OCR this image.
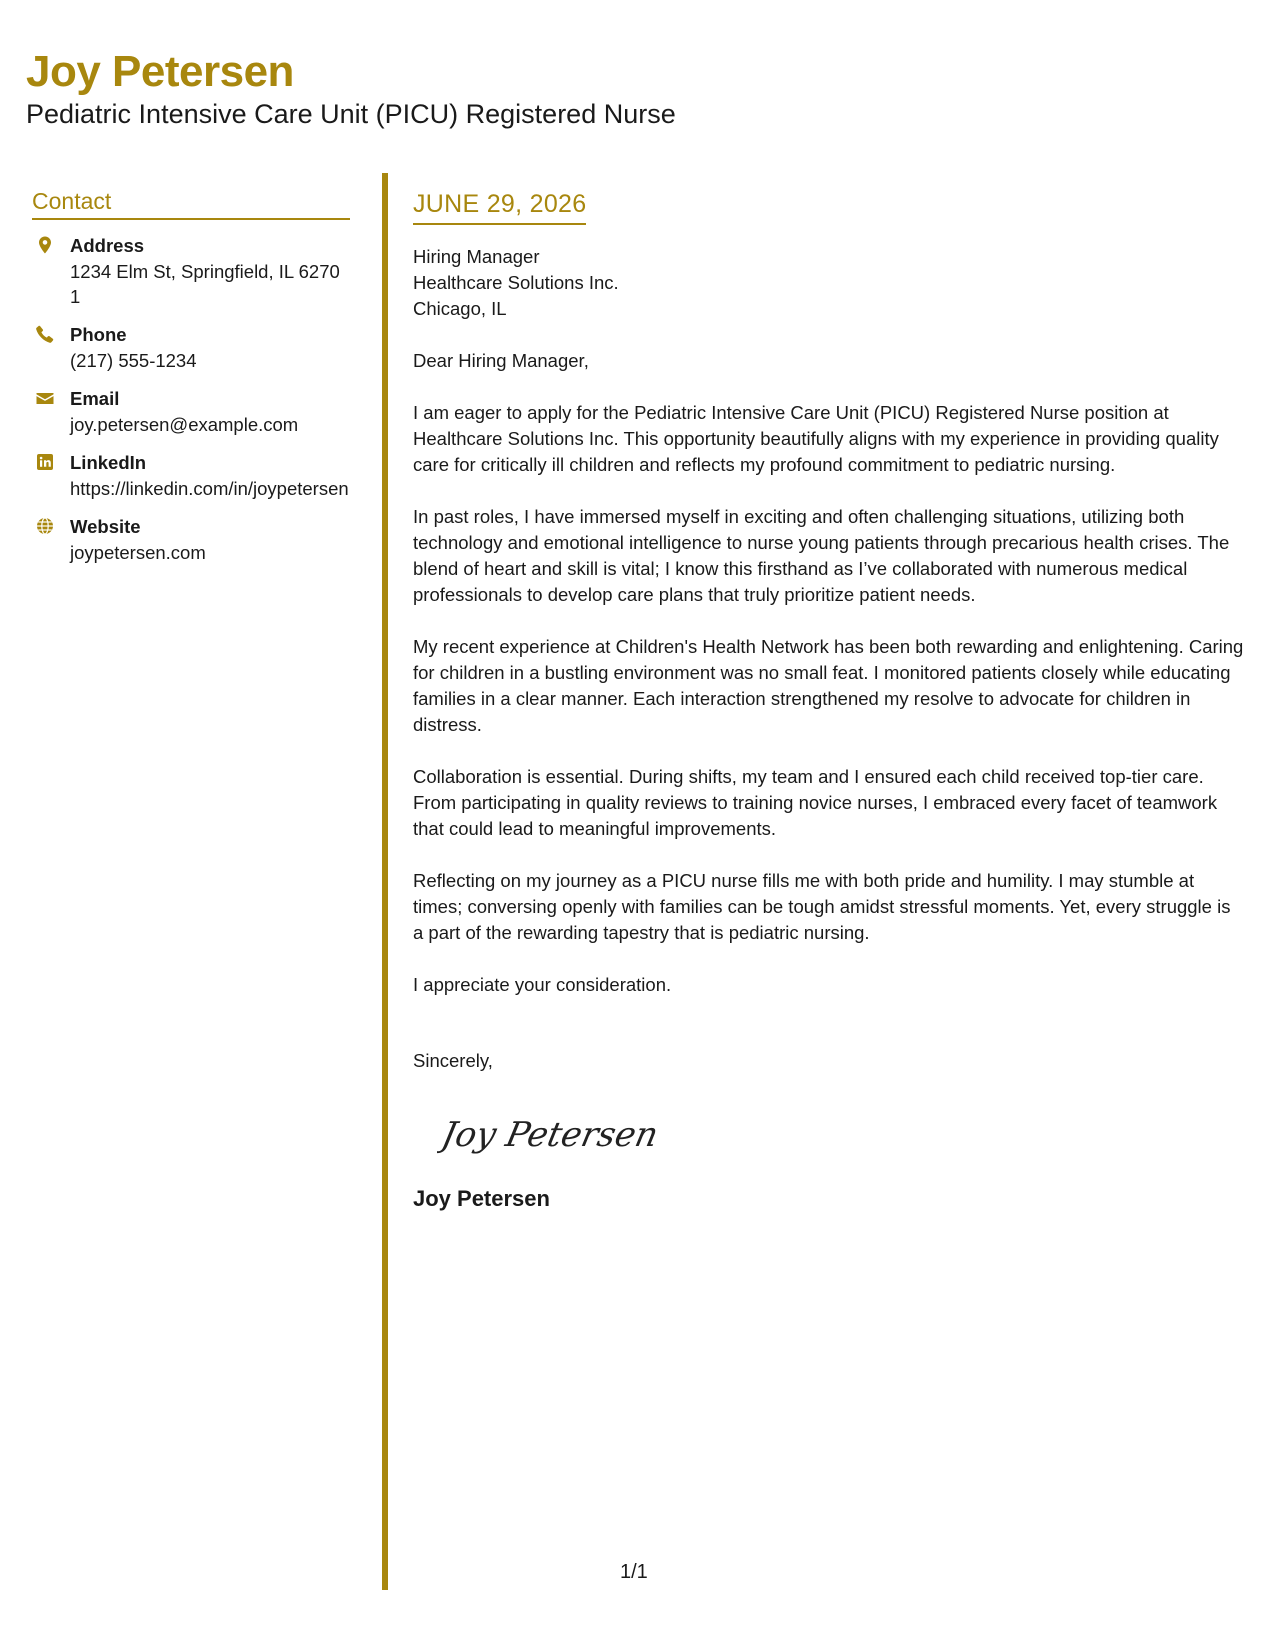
Joy Petersen
Pediatric Intensive Care Unit (PICU) Registered Nurse
Contact
Address
1234 Elm St, Springfield, IL 62701
Phone
(217) 555-1234
Email
joy.petersen@example.com
LinkedIn
https://linkedin.com/in/joypetersen
Website
joypetersen.com
JUNE 29, 2026
Hiring Manager
Healthcare Solutions Inc.
Chicago, IL

Dear Hiring Manager,

I am eager to apply for the Pediatric Intensive Care Unit (PICU) Registered Nurse position at Healthcare Solutions Inc. This opportunity beautifully aligns with my experience in providing quality care for critically ill children and reflects my profound commitment to pediatric nursing.

In past roles, I have immersed myself in exciting and often challenging situations, utilizing both technology and emotional intelligence to nurse young patients through precarious health crises. The blend of heart and skill is vital; I know this firsthand as I’ve collaborated with numerous medical professionals to develop care plans that truly prioritize patient needs.

My recent experience at Children's Health Network has been both rewarding and enlightening. Caring for children in a bustling environment was no small feat. I monitored patients closely while educating families in a clear manner. Each interaction strengthened my resolve to advocate for children in distress.

Collaboration is essential. During shifts, my team and I ensured each child received top-tier care. From participating in quality reviews to training novice nurses, I embraced every facet of teamwork that could lead to meaningful improvements.

Reflecting on my journey as a PICU nurse fills me with both pride and humility. I may stumble at times; conversing openly with families can be tough amidst stressful moments. Yet, every struggle is a part of the rewarding tapestry that is pediatric nursing.

I appreciate your consideration.

Sincerely,
Joy Petersen
Joy Petersen
1/1
